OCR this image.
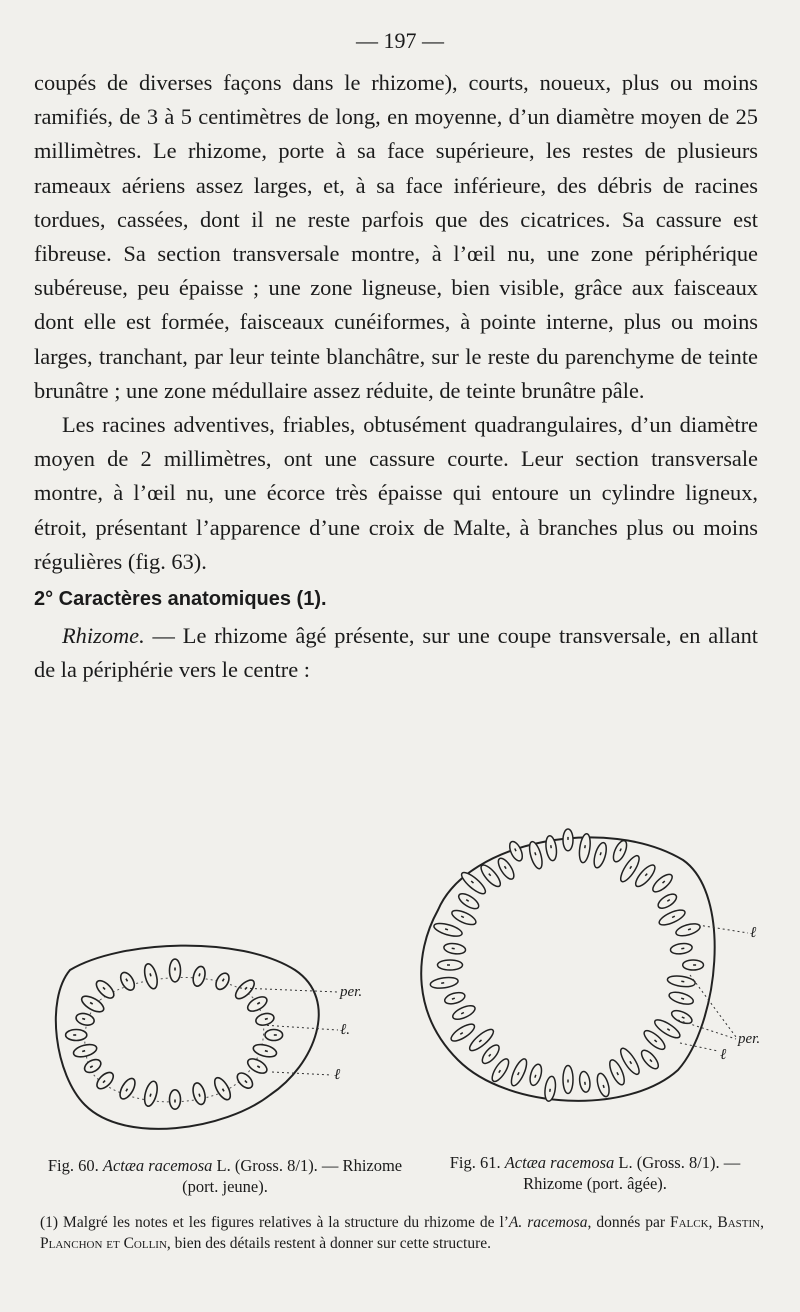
— 197 —

coupés de diverses façons dans le rhizome), courts, noueux, plus ou moins ramifiés, de 3 à 5 centimètres de long, en moyenne, d’un diamètre moyen de 25 millimètres. Le rhizome, porte à sa face supérieure, les restes de plusieurs rameaux aériens assez larges, et, à sa face inférieure, des débris de racines tordues, cassées, dont il ne reste parfois que des cicatrices. Sa cassure est fibreuse. Sa section transversale montre, à l’œil nu, une zone périphérique subéreuse, peu épaisse ; une zone ligneuse, bien visible, grâce aux faisceaux dont elle est formée, faisceaux cunéiformes, à pointe interne, plus ou moins larges, tranchant, par leur teinte blanchâtre, sur le reste du parenchyme de teinte brunâtre ; une zone médullaire assez réduite, de teinte brunâtre pâle.

Les racines adventives, friables, obtusément quadrangulaires, d’un diamètre moyen de 2 millimètres, ont une cassure courte. Leur section transversale montre, à l’œil nu, une écorce très épaisse qui entoure un cylindre ligneux, étroit, présentant l’apparence d’une croix de Malte, à branches plus ou moins régulières (fig. 63).

2° Caractères anatomiques (1).

Rhizome. — Le rhizome âgé présente, sur une coupe transversale, en allant de la périphérie vers le centre :

per.
ℓ.
ℓ
ℓ
per.
ℓ
Fig. 60. Actæa racemosa L. (Gross. 8/1). — Rhizome (port. jeune).
Fig. 61. Actæa racemosa L. (Gross. 8/1). — Rhizome (port. âgée).
(1) Malgré les notes et les figures relatives à la structure du rhizome de l’A. racemosa, donnés par Falck, Bastin, Planchon et Collin, bien des détails restent à donner sur cette structure.
